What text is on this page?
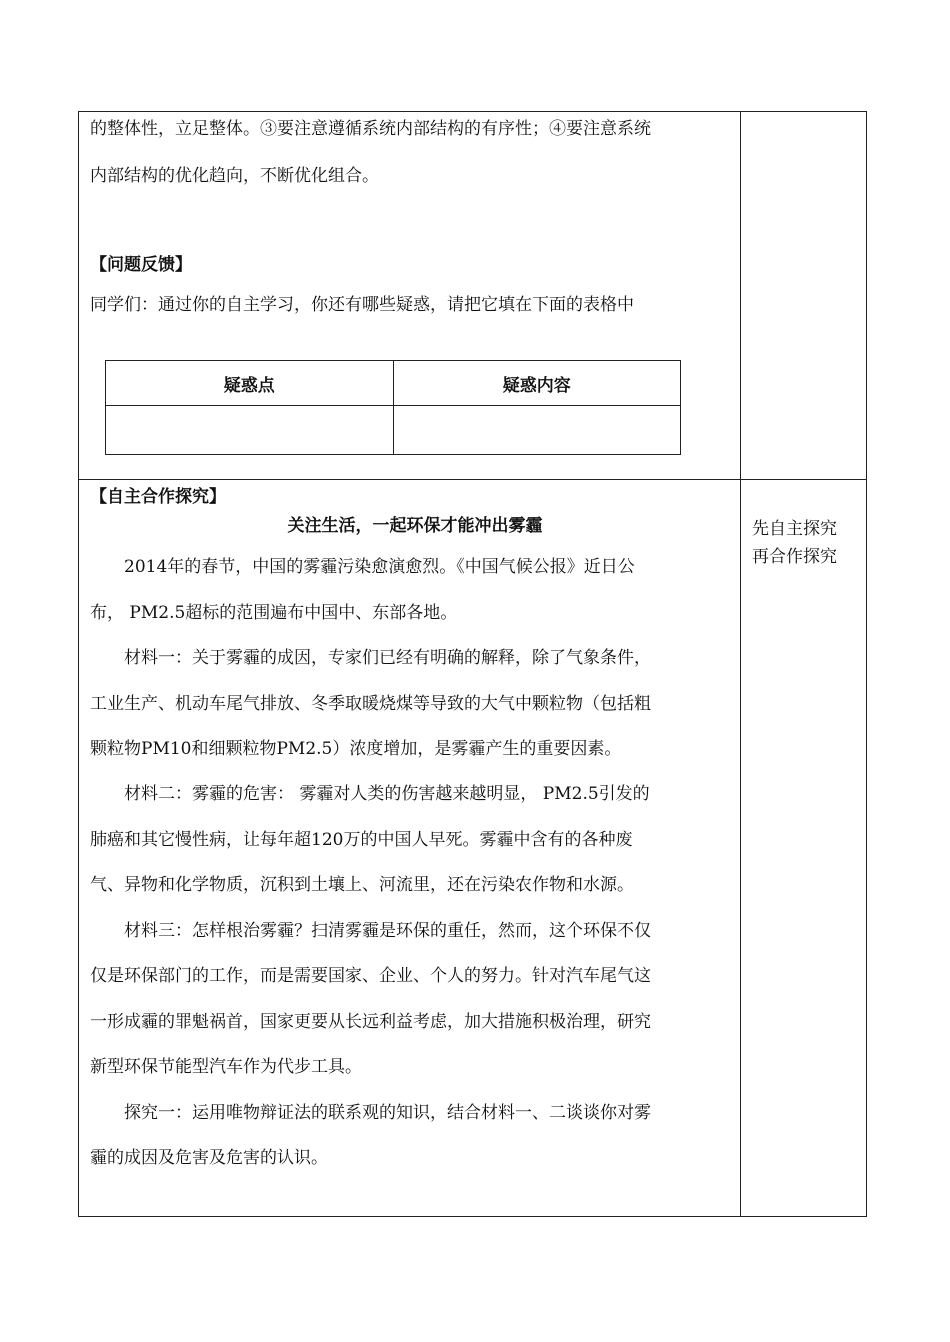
的整体性，立足整体。③要注意遵循系统内部结构的有序性；④要注意系统
内部结构的优化趋向，不断优化组合。
【问题反馈】
同学们：通过你的自主学习，你还有哪些疑惑，请把它填在下面的表格中
疑惑点	疑惑内容

【自主合作探究】
关注生活，一起环保才能冲出雾霾	先自主探究
再合作探究
　　2014年的春节，中国的雾霾污染愈演愈烈。《中国气候公报》近日公
布， PM2.5超标的范围遍布中国中、东部各地。
　　材料一：关于雾霾的成因，专家们已经有明确的解释，除了气象条件，
工业生产、机动车尾气排放、冬季取暖烧煤等导致的大气中颗粒物（包括粗
颗粒物PM10和细颗粒物PM2.5）浓度增加，是雾霾产生的重要因素。
　　材料二：雾霾的危害： 雾霾对人类的伤害越来越明显， PM2.5引发的
肺癌和其它慢性病，让每年超120万的中国人早死。雾霾中含有的各种废
气、异物和化学物质，沉积到土壤上、河流里，还在污染农作物和水源。
　　材料三：怎样根治雾霾？扫清雾霾是环保的重任，然而，这个环保不仅
仅是环保部门的工作，而是需要国家、企业、个人的努力。针对汽车尾气这
一形成霾的罪魁祸首，国家更要从长远利益考虑，加大措施积极治理，研究
新型环保节能型汽车作为代步工具。
　　探究一：运用唯物辩证法的联系观的知识，结合材料一、二谈谈你对雾
霾的成因及危害及危害的认识。
